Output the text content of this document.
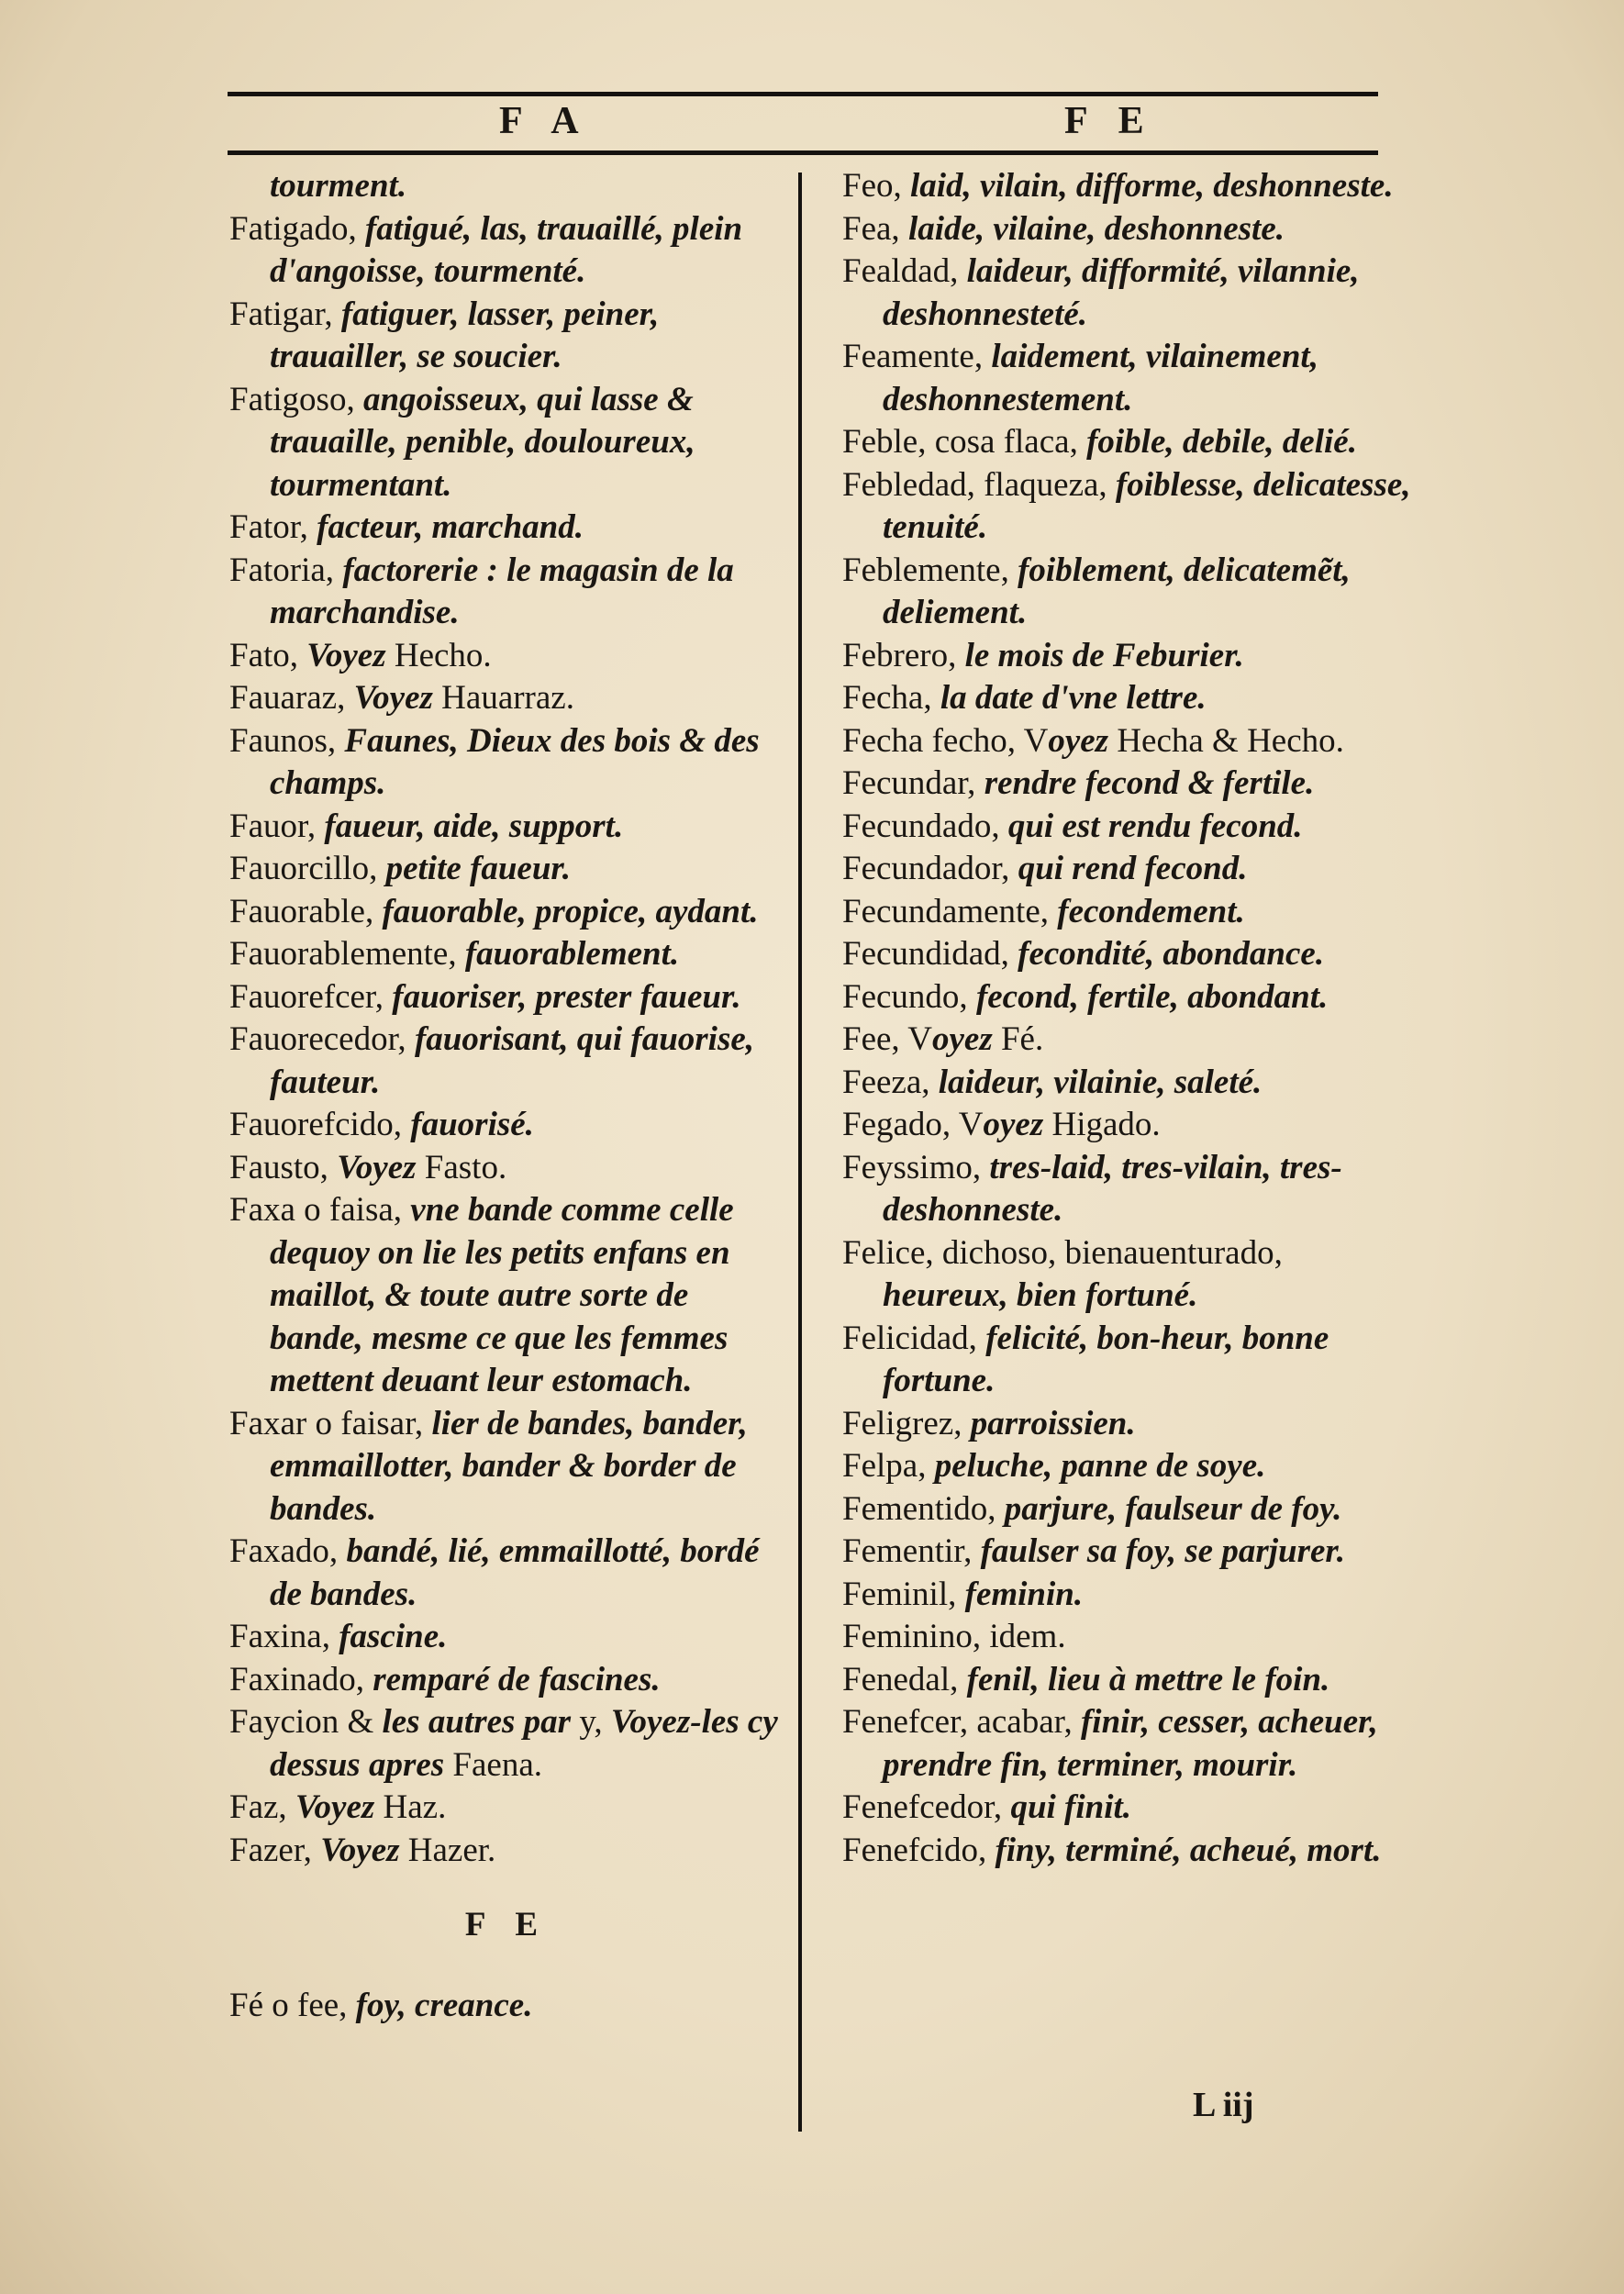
F A	F E
tourment.
Fatigado, fatigué, las, trauaillé, plein d'angoisse, tourmenté.
Fatigar, fatiguer, lasser, peiner, trauailler, se soucier.
Fatigoso, angoisseux, qui lasse & trauaille, penible, douloureux, tourmentant.
Fator, facteur, marchand.
Fatoria, factorerie : le magasin de la marchandise.
Fato, Voyez Hecho.
Fauaraz, Voyez Hauarraz.
Faunos, Faunes, Dieux des bois & des champs.
Fauor, faueur, aide, support.
Fauorcillo, petite faueur.
Fauorable, fauorable, propice, aydant.
Fauorablemente, fauorablement.
Fauorefcer, fauoriser, prester faueur.
Fauorecedor, fauorisant, qui fauorise, fauteur.
Fauorefcido, fauorisé.
Fausto, Voyez Fasto.
Faxa o faisa, vne bande comme celle dequoy on lie les petits enfans en maillot, & toute autre sorte de bande, mesme ce que les femmes mettent deuant leur estomach.
Faxar o faisar, lier de bandes, bander, emmaillotter, bander & border de bandes.
Faxado, bandé, lié, emmaillotté, bordé de bandes.
Faxina, fascine.
Faxinado, remparé de fascines.
Faycion & les autres par y, Voyez-les cy dessus apres Faena.
Faz, Voyez Haz.
Fazer, Voyez Hazer.
F E
Fé o fee, foy, creance.
Feo, laid, vilain, difforme, deshonneste.
Fea, laide, vilaine, deshonneste.
Fealdad, laideur, difformité, vilannie, deshonnesteté.
Feamente, laidement, vilainement, deshonnestement.
Feble, cosa flaca, foible, debile, delié.
Febledad, flaqueza, foiblesse, delicatesse, tenuité.
Feblemente, foiblement, delicatemẽt, deliement.
Febrero, le mois de Feburier.
Fecha, la date d'vne lettre.
Fecha fecho, Voyez Hecha & Hecho.
Fecundar, rendre fecond & fertile.
Fecundado, qui est rendu fecond.
Fecundador, qui rend fecond.
Fecundamente, fecondement.
Fecundidad, fecondité, abondance.
Fecundo, fecond, fertile, abondant.
Fee, Voyez Fé.
Feeza, laideur, vilainie, saleté.
Fegado, Voyez Higado.
Feyssimo, tres-laid, tres-vilain, tres-deshonneste.
Felice, dichoso, bienauenturado, heureux, bien fortuné.
Felicidad, felicité, bon-heur, bonne fortune.
Feligrez, parroissien.
Felpa, peluche, panne de soye.
Fementido, parjure, faulseur de foy.
Fementir, faulser sa foy, se parjurer.
Feminil, feminin.
Feminino, idem.
Fenedal, fenil, lieu à mettre le foin.
Fenefcer, acabar, finir, cesser, acheuer, prendre fin, terminer, mourir.
Fenefcedor, qui finit.
Fenefcido, finy, terminé, acheué, mort.
L iij
